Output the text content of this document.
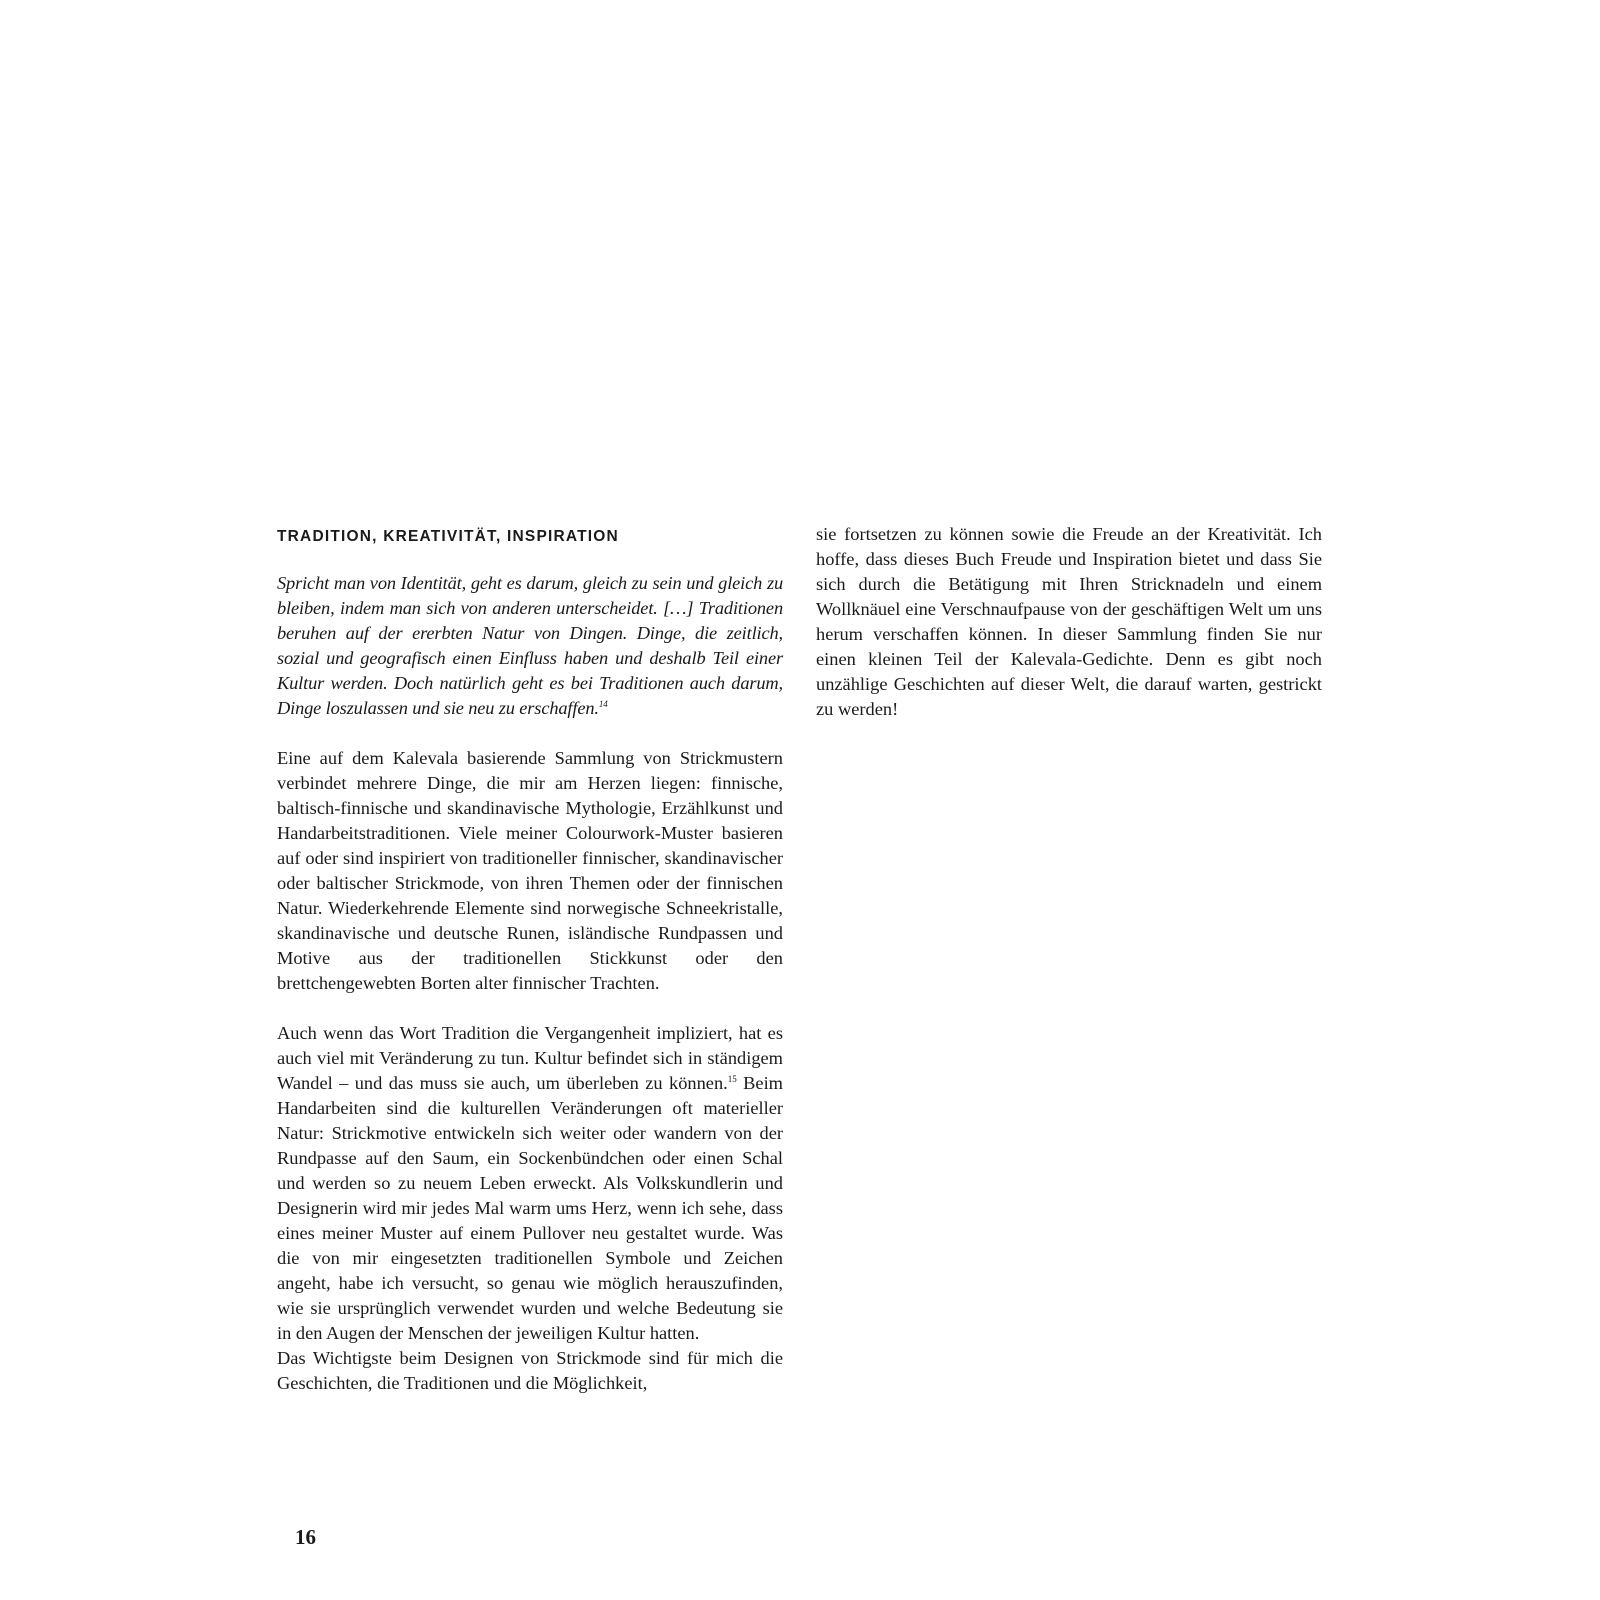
TRADITION, KREATIVITÄT, INSPIRATION

Spricht man von Identität, geht es darum, gleich zu sein und gleich zu bleiben, indem man sich von anderen unterscheidet. […] Traditionen beruhen auf der ererbten Natur von Dingen. Dinge, die zeitlich, sozial und geografisch einen Einfluss haben und deshalb Teil einer Kultur werden. Doch natürlich geht es bei Traditionen auch darum, Dinge loszulassen und sie neu zu erschaffen.$^{14}$

Eine auf dem Kalevala basierende Sammlung von Strickmustern verbindet mehrere Dinge, die mir am Herzen liegen: finnische, baltisch-finnische und skandinavische Mythologie, Erzählkunst und Handarbeitstraditionen. Viele meiner Colourwork-Muster basieren auf oder sind inspiriert von traditioneller finnischer, skandinavischer oder baltischer Strickmode, von ihren Themen oder der finnischen Natur. Wiederkehrende Elemente sind norwegische Schneekristalle, skandinavische und deutsche Runen, isländische Rundpassen und Motive aus der traditionellen Stickkunst oder den brettchengewebten Borten alter finnischer Trachten.

Auch wenn das Wort Tradition die Vergangenheit impliziert, hat es auch viel mit Veränderung zu tun. Kultur befindet sich in ständigem Wandel – und das muss sie auch, um überleben zu können.$^{15}$ Beim Handarbeiten sind die kulturellen Veränderungen oft materieller Natur: Strickmotive entwickeln sich weiter oder wandern von der Rundpasse auf den Saum, ein Sockenbündchen oder einen Schal und werden so zu neuem Leben erweckt. Als Volkskundlerin und Designerin wird mir jedes Mal warm ums Herz, wenn ich sehe, dass eines meiner Muster auf einem Pullover neu gestaltet wurde. Was die von mir eingesetzten traditionellen Symbole und Zeichen angeht, habe ich versucht, so genau wie möglich herauszufinden, wie sie ursprünglich verwendet wurden und welche Bedeutung sie in den Augen der Menschen der jeweiligen Kultur hatten.

Das Wichtigste beim Designen von Strickmode sind für mich die Geschichten, die Traditionen und die Möglichkeit,

sie fortsetzen zu können sowie die Freude an der Kreativität. Ich hoffe, dass dieses Buch Freude und Inspiration bietet und dass Sie sich durch die Betätigung mit Ihren Stricknadeln und einem Wollknäuel eine Verschnaufpause von der geschäftigen Welt um uns herum verschaffen können. In dieser Sammlung finden Sie nur einen kleinen Teil der Kalevala-Gedichte. Denn es gibt noch unzählige Geschichten auf dieser Welt, die darauf warten, gestrickt zu werden!

16
